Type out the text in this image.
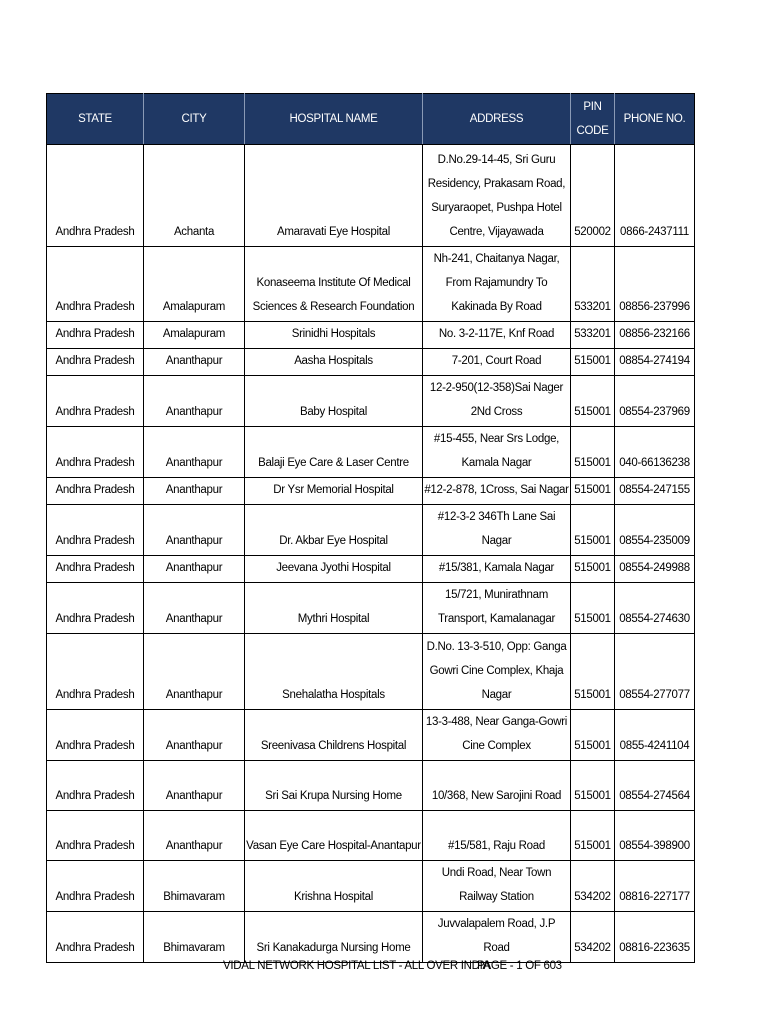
STATE	CITY	HOSPITAL NAME	ADDRESS	PIN CODE	PHONE NO.
Andhra Pradesh	Achanta	Amaravati Eye Hospital	D.No.29-14-45, Sri Guru Residency, Prakasam Road, Suryaraopet, Pushpa Hotel Centre, Vijayawada	520002	0866-2437111
Andhra Pradesh	Amalapuram	Konaseema Institute Of Medical Sciences & Research Foundation	Nh-241, Chaitanya Nagar, From Rajamundry To Kakinada By Road	533201	08856-237996
Andhra Pradesh	Amalapuram	Srinidhi Hospitals	No. 3-2-117E, Knf Road	533201	08856-232166
Andhra Pradesh	Ananthapur	Aasha Hospitals	7-201, Court Road	515001	08854-274194
Andhra Pradesh	Ananthapur	Baby Hospital	12-2-950(12-358)Sai Nager 2Nd Cross	515001	08554-237969
Andhra Pradesh	Ananthapur	Balaji Eye Care & Laser Centre	#15-455, Near Srs Lodge, Kamala Nagar	515001	040-66136238
Andhra Pradesh	Ananthapur	Dr Ysr Memorial Hospital	#12-2-878, 1Cross, Sai Nagar	515001	08554-247155
Andhra Pradesh	Ananthapur	Dr. Akbar Eye Hospital	#12-3-2 346Th Lane Sai Nagar	515001	08554-235009
Andhra Pradesh	Ananthapur	Jeevana Jyothi Hospital	#15/381, Kamala Nagar	515001	08554-249988
Andhra Pradesh	Ananthapur	Mythri Hospital	15/721, Munirathnam Transport, Kamalanagar	515001	08554-274630
Andhra Pradesh	Ananthapur	Snehalatha Hospitals	D.No. 13-3-510, Opp: Ganga Gowri Cine Complex, Khaja Nagar	515001	08554-277077
Andhra Pradesh	Ananthapur	Sreenivasa Childrens Hospital	13-3-488, Near Ganga-Gowri Cine Complex	515001	0855-4241104
Andhra Pradesh	Ananthapur	Sri Sai Krupa Nursing Home	10/368, New Sarojini Road	515001	08554-274564
Andhra Pradesh	Ananthapur	Vasan Eye Care Hospital-Anantapur	#15/581, Raju Road	515001	08554-398900
Andhra Pradesh	Bhimavaram	Krishna Hospital	Undi Road, Near Town Railway Station	534202	08816-227177
Andhra Pradesh	Bhimavaram	Sri Kanakadurga Nursing Home	Juvvalapalem Road, J.P Road	534202	08816-223635
VIDAL NETWORK HOSPITAL LIST - ALL OVER INDIA
PAGE - 1 OF 603
